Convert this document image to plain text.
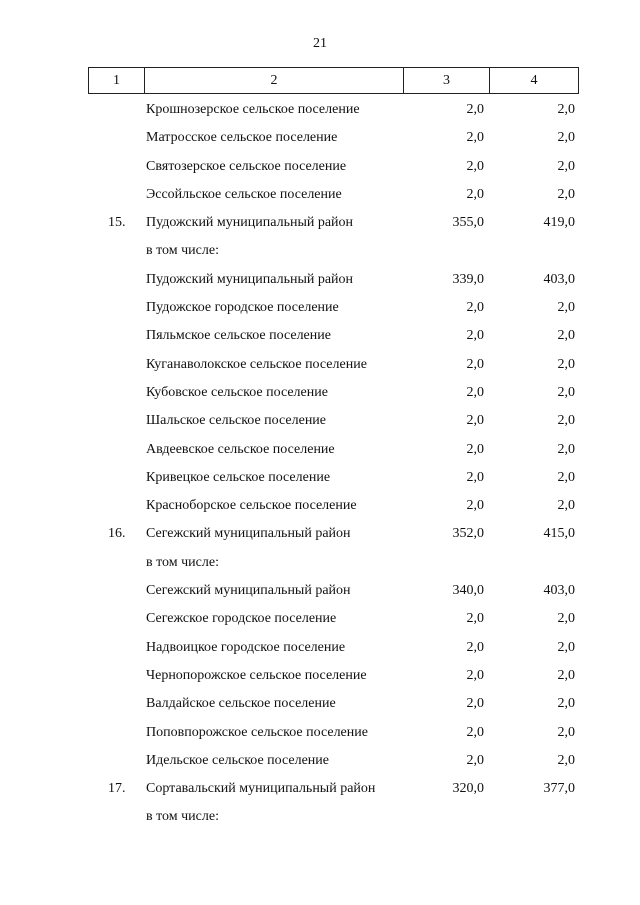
21
1	2	3	4
Крошнозерское сельское поселение	2,0	2,0
Матросское сельское поселение	2,0	2,0
Святозерское сельское поселение	2,0	2,0
Эссойльское сельское поселение	2,0	2,0
15. Пудожский муниципальный район	355,0	419,0
в том числе:
Пудожский муниципальный район	339,0	403,0
Пудожское городское поселение	2,0	2,0
Пяльмское сельское поселение	2,0	2,0
Куганаволокское сельское поселение	2,0	2,0
Кубовское сельское поселение	2,0	2,0
Шальское сельское поселение	2,0	2,0
Авдеевское сельское поселение	2,0	2,0
Кривецкое сельское поселение	2,0	2,0
Красноборское сельское поселение	2,0	2,0
16. Сегежский муниципальный район	352,0	415,0
в том числе:
Сегежский муниципальный район	340,0	403,0
Сегежское городское поселение	2,0	2,0
Надвоицкое городское поселение	2,0	2,0
Чернопорожское сельское поселение	2,0	2,0
Валдайское сельское поселение	2,0	2,0
Поповпорожское сельское поселение	2,0	2,0
Идельское сельское поселение	2,0	2,0
17. Сортавальский муниципальный район	320,0	377,0
в том числе:
